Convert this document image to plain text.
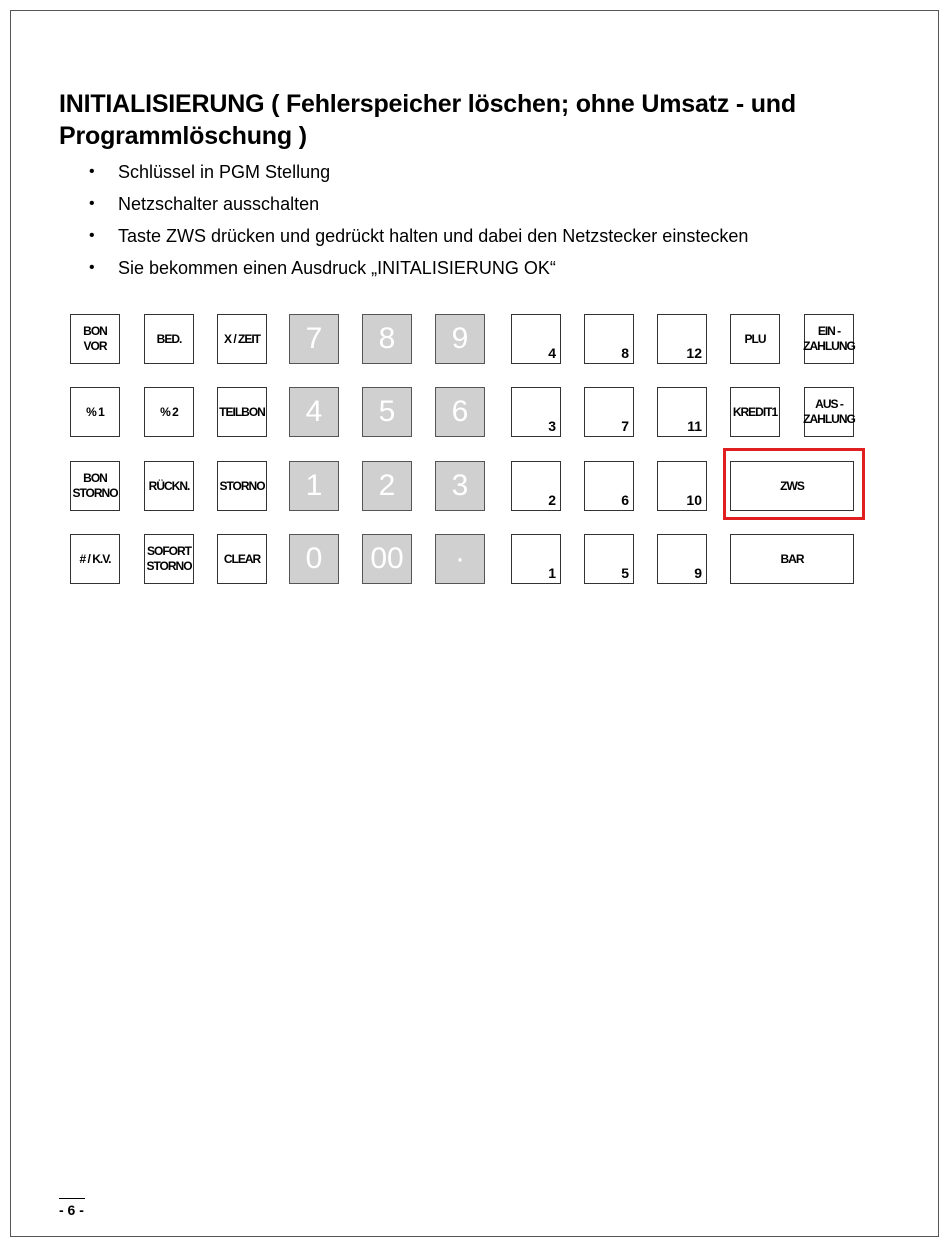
INITIALISIERUNG ( Fehlerspeicher löschen; ohne Umsatz - und Programmlöschung )
• Schlüssel in PGM Stellung
• Netzschalter ausschalten
• Taste ZWS drücken und gedrückt halten und dabei den Netzstecker einstecken
• Sie bekommen einen Ausdruck „INITALISIERUNG OK“
BON
VOR
BED.	X / ZEIT	7	8	9	4	8	12
PLU
EIN -
ZAHLUNG
% 1	% 2	TEILBON	4	5	6	3	7	11
KREDIT1
AUS -
ZAHLUNG
BON
STORNO
RÜCKN.	STORNO	1	2	3	2	6	10
ZWS
# / K.V.
SOFORT
STORNO
CLEAR	0	00	·	1	5	9
BAR
- 6 -
